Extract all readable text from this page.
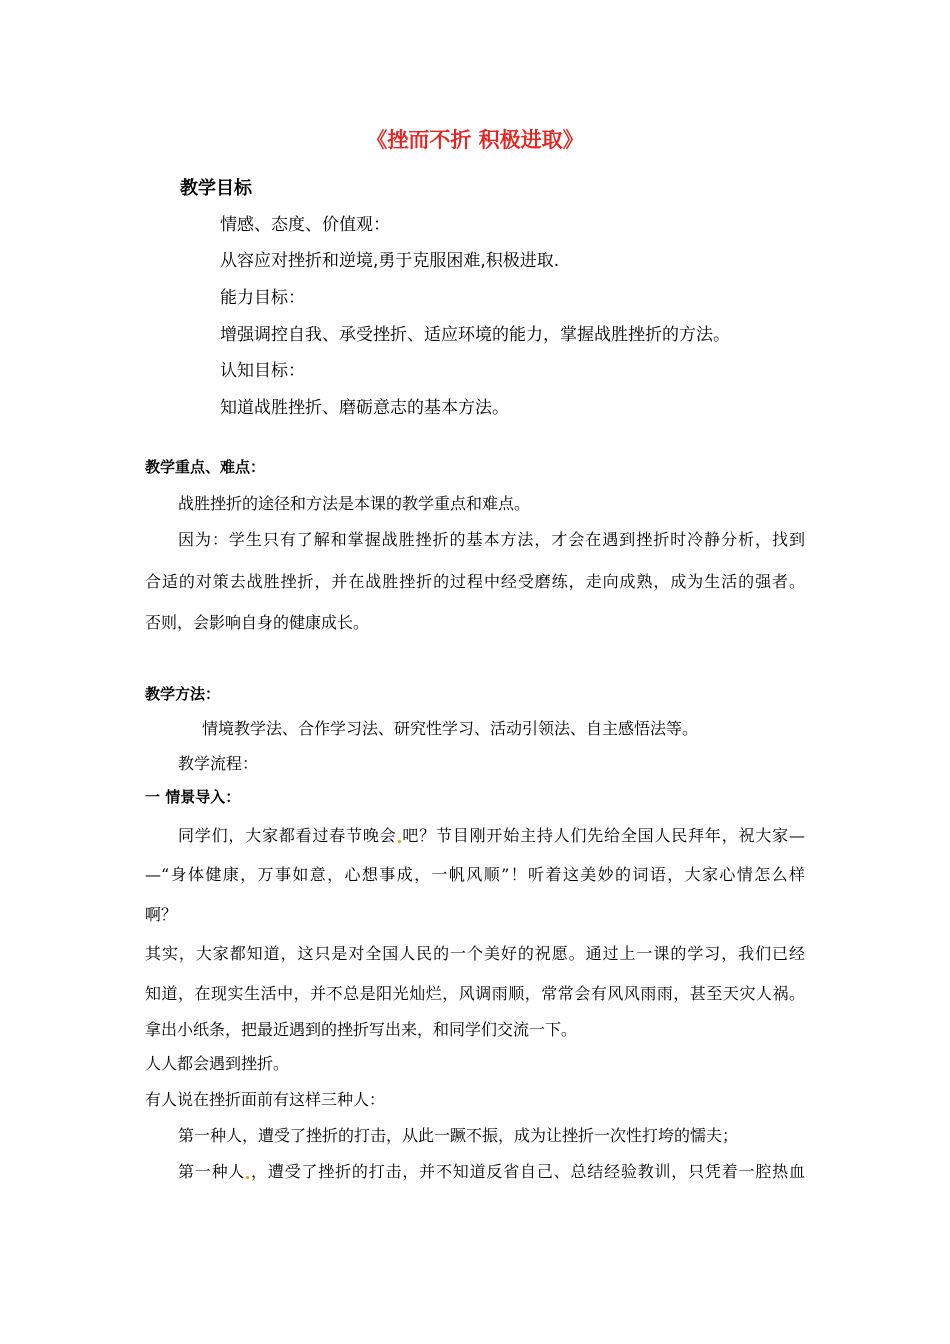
《挫而不折 积极进取》
教学目标

情感、态度、价值观：

从容应对挫折和逆境,勇于克服困难,积极进取.

能力目标：

增强调控自我、承受挫折、适应环境的能力，掌握战胜挫折的方法。

认知目标：

知道战胜挫折、磨砺意志的基本方法。

教学重点、难点：

战胜挫折的途径和方法是本课的教学重点和难点。

因为：学生只有了解和掌握战胜挫折的基本方法，才会在遇到挫折时冷静分析，找到

合适的对策去战胜挫折，并在战胜挫折的过程中经受磨练，走向成熟，成为生活的强者。

否则，会影响自身的健康成长。

教学方法：

情境教学法、合作学习法、研究性学习、活动引领法、自主感悟法等。

教学流程：

一 情景导入：

同学们，大家都看过春节晚会 吧？节目刚开始主持人们先给全国人民拜年，祝大家—

—“身体健康，万事如意，心想事成，一帆风顺”！听着这美妙的词语，大家心情怎么样

啊？

其实，大家都知道，这只是对全国人民的一个美好的祝愿。通过上一课的学习，我们已经

知道，在现实生活中，并不总是阳光灿烂，风调雨顺，常常会有风风雨雨，甚至天灾人祸。

拿出小纸条，把最近遇到的挫折写出来，和同学们交流一下。

人人都会遇到挫折。

有人说在挫折面前有这样三种人：

第一种人，遭受了挫折的打击，从此一蹶不振，成为让挫折一次性打垮的懦夫；

第一种人 ，遭受了挫折的打击，并不知道反省自己、总结经验教训，只凭着一腔热血
